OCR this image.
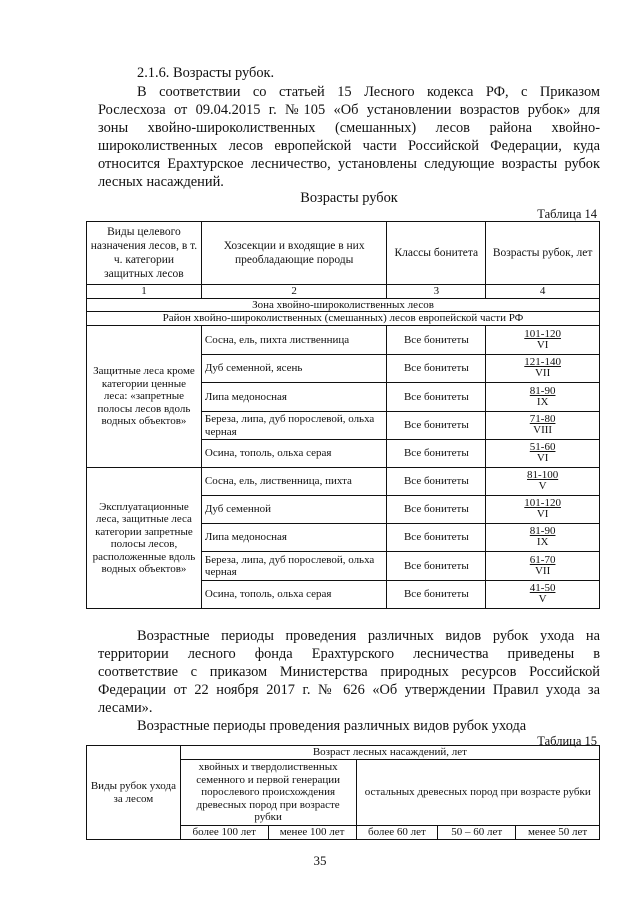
2.1.6. Возрасты рубок.
В соответствии со статьей 15 Лесного кодекса РФ, с Приказом
Рослесхоза от 09.04.2015 г. №105 «Об установлении возрастов рубок» для
зоны хвойно-широколиственных (смешанных) лесов района хвойно-
широколиственных лесов европейской части Российской Федерации, куда
относится Ерахтурское лесничество, установлены следующие возрасты рубок
лесных насаждений.
Возрасты рубок
Таблица 14
Виды целевого назначения лесов, в т. ч. категории защитных лесов	Хозсекции и входящие в них преобладающие породы	Классы бонитета	Возрасты рубок, лет
1	2	3	4
Зона хвойно-широколиственных лесов			
Район хвойно-широколиственных (смешанных) лесов европейской части РФ			
Защитные леса кроме категории ценные леса: «запретные полосы лесов вдоль водных объектов»	Сосна, ель, пихта лиственница	Все бонитеты	$\frac{101-120}{VI}$

	Дуб семенной, ясень	Все бонитеты	$\frac{121-140}{\text{VII}}$

	Липа медоносная	Все бонитеты	$\frac{81-90}{IX}$

	Береза, липа, дуб порослевой, ольха черная	Все бонитеты	$\frac{71-80}{\text{VIII}}$

	Осина, тополь, ольха серая	Все бонитеты	$\frac{51-60}{VI}$

Эксплуатационные леса, защитные леса категории запретные полосы лесов, расположенные вдоль водных объектов»	Сосна, ель, лиственница, пихта	Все бонитеты	$\frac{81-100}{V}$

	Дуб семенной	Все бонитеты	$\frac{101-120}{VI}$

	Липа медоносная	Все бонитеты	$\frac{81-90}{IX}$

	Береза, липа, дуб порослевой, ольха черная	Все бонитеты	$\frac{61-70}{\text{VII}}$

	Осина, тополь, ольха серая	Все бонитеты	$\frac{41-50}{V}$
Возрастные периоды проведения различных видов рубок ухода на
территории лесного фонда Ерахтурского лесничества приведены в
соответствие с приказом Министерства природных ресурсов Российской
Федерации от 22 ноября 2017 г. № 626 «Об утверждении Правил ухода за
лесами».
Возрастные периоды проведения различных видов рубок ухода
Таблица 15
Виды рубок ухода за лесом	Возраст лесных насаждений, лет				
	хвойных и твердолиственных семенного и первой генерации порослевого происхождения древесных пород при возрасте рубки		остальных древесных пород при возрасте рубки		
	более 100 лет	менее 100 лет	более 60 лет	50 – 60 лет	менее 50 лет
35
